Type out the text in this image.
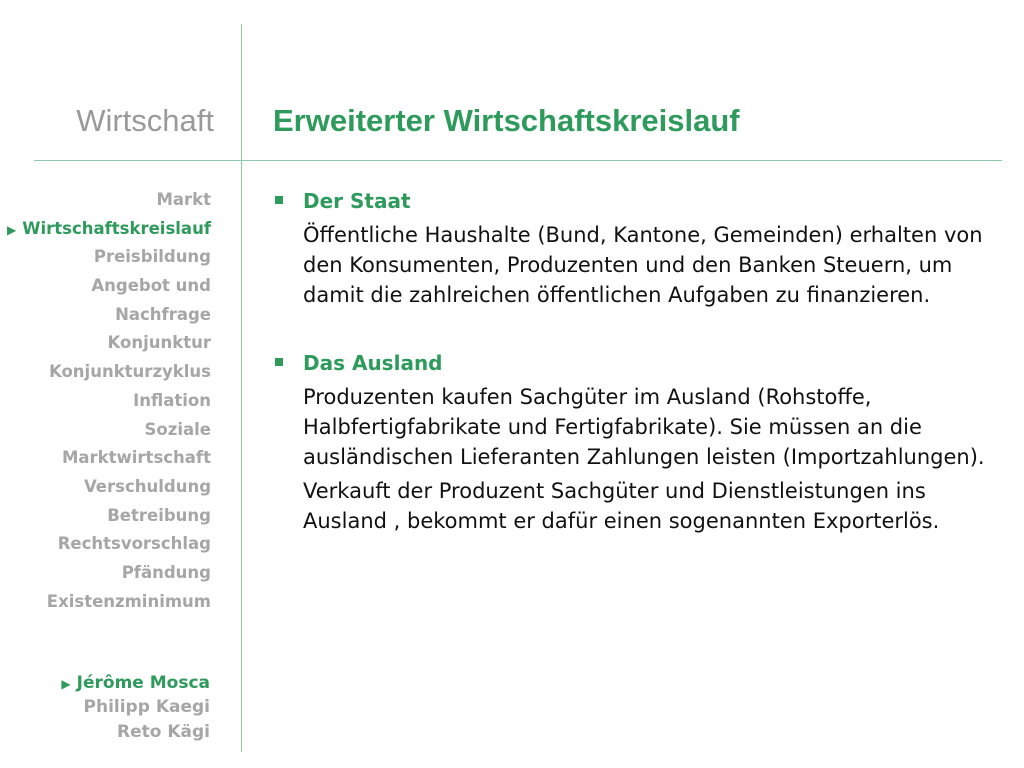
Wirtschaft Erweiterter Wirtschaftskreislauf
Markt
▶ Wirtschaftskreislauf
Preisbildung
Angebot und
Nachfrage
Konjunktur
Konjunkturzyklus
Inflation
Soziale
Marktwirtschaft
Verschuldung
Betreibung
Rechtsvorschlag
Pfändung
Existenzminimum
▶ Jérôme Mosca
Philipp Kaegi
Reto Kägi
Der Staat

Öffentliche Haushalte (Bund, Kantone, Gemeinden) erhalten von den Konsumenten, Produzenten und den Banken Steuern, um damit die zahlreichen öffentlichen Aufgaben zu finanzieren.

Das Ausland

Produzenten kaufen Sachgüter im Ausland (Rohstoffe, Halbfertigfabrikate und Fertigfabrikate). Sie müssen an die ausländischen Lieferanten Zahlungen leisten (Importzahlungen).

Verkauft der Produzent Sachgüter und Dienstleistungen ins Ausland , bekommt er dafür einen sogenannten Exporterlös.
